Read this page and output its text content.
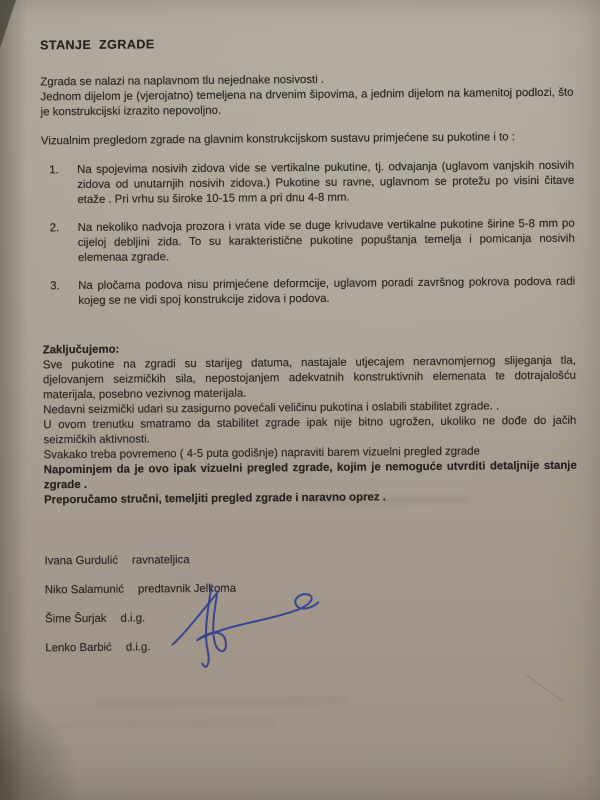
STANJE  ZGRADE

Zgrada se nalazi na naplavnom tlu nejednake nosivosti .

Jednom dijelom je (vjerojatno) temeljena na drvenim šipovima, a jednim dijelom na kamenitoj podlozi, što je konstrukcijski izrazito nepovoljno.

Vizualnim pregledom zgrade na glavnim konstrukcijskom sustavu primjećene su pukotine i to :

1.	Na spojevima nosivih zidova vide se vertikalne pukutine, tj. odvajanja (uglavom vanjskih nosivih zidova od unutarnjih nosivih zidova.) Pukotine su ravne, uglavnom se protežu po visini čitave etaže . Pri vrhu su široke 10-15 mm a pri dnu 4-8 mm.
2.	Na nekoliko nadvoja prozora i vrata vide se duge krivudave vertikalne pukotine širine 5-8 mm po cijeloj debljini zida. To su karakteristične pukotine popuštanja temelja i pomicanja nosivih elemenaa zgrade.
3.	Na pločama podova nisu primjećene deformcije, uglavom poradi završnog pokrova podova radi kojeg se ne vidi spoj konstrukcije zidova i podova.

Zaključujemo:

Sve pukotine na zgradi su starijeg datuma, nastajale utjecajem neravnomjernog slijeganja tla, djelovanjem seizmičkih sila, nepostojanjem adekvatnih konstruktivnih elemenata te dotrajalošću materijala, posebno vezivnog materijala.

Nedavni seizmički udari su zasigurno povećali veličinu pukotina i oslabili stabilitet zgrade. .

U ovom trenutku smatramo da stabilitet zgrade ipak nije bitno ugrožen, ukoliko ne dođe do jačih seizmičkih aktivnosti.

Svakako treba povremeno ( 4-5 puta godišnje) napraviti barem vizuelni pregled zgrade

Napominjem da je ovo ipak vizuelni pregled zgrade, kojim je nemoguće utvrditi detaljnije stanje zgrade .

Preporučamo stručni, temeljiti pregled zgrade i naravno oprez .

Ivana Gurdulić ravnateljica
Niko Salamunić predtavnik Jelkoma
Šime Šurjak d.i.g.
Lenko Barbić d.i.g.
